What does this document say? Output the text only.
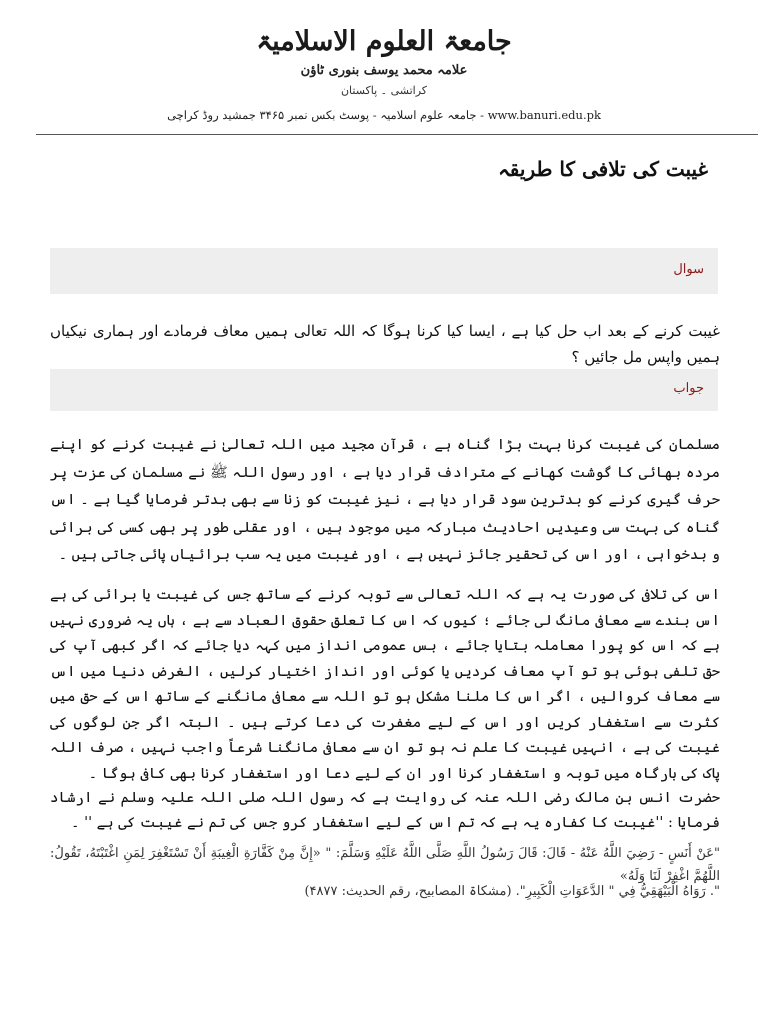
جامعۃ العلوم الاسلامیۃ
علامہ محمد یوسف بنوری ٹاؤن
کراتشی ۔ پاکستان
www.banuri.edu.pk - جامعہ علوم اسلامیہ - پوسٹ بکس نمبر ۳۴۶۵ جمشید روڈ کراچی
غیبت کی تلافی کا طریقہ
سوال
غیبت کرنے کے بعد اب حل کیا ہے ، ایسا کیا کرنا ہوگا کہ اللہ تعالی ہمیں معاف فرمادے اور ہماری نیکیاں ہمیں واپس مل جائیں ؟
جواب
مسلمان کی غیبت کرنا بہت بڑا گناہ ہے ، قرآن مجید میں اللہ تعالیٰ نے غیبت کرنے کو اپنے مردہ بھائی کا گوشت کھانے کے مترادف قرار دیا ہے ، اور رسول اللہ ﷺ نے مسلمان کی عزت پر حرف گیری کرنے کو بدترین سود قرار دیا ہے ، نیز غیبت کو زنا سے بھی بدتر فرمایا گیا ہے ۔ اس گناہ کی بہت سی وعیدیں احادیث مبارکہ میں موجود ہیں ، اور عقلی طور پر بھی کسی کی برائی و بدخواہی ، اور اس کی تحقیر جائز نہیں ہے ، اور غیبت میں یہ سب برائیاں پائی جاتی ہیں ۔
اس کی تلافی کی صورت یہ ہے کہ اللہ تعالی سے توبہ کرنے کے ساتھ جس کی غیبت یا برائی کی ہے اس بندے سے معافی مانگ لی جائے ؛ کیوں کہ اس کا تعلق حقوق العباد سے ہے ، ہاں یہ ضروری نہیں ہے کہ اس کو پورا معاملہ بتایا جائے ، بس عمومی انداز میں کہہ دیا جائے کہ اگر کبھی آپ کی حق تلفی ہوئی ہو تو آپ معاف کردیں یا کوئی اور انداز اختیار کرلیں ، الغرض دنیا میں اس سے معاف کروالیں ، اگر اس کا ملنا مشکل ہو تو اللہ سے معافی مانگنے کے ساتھ اس کے حق میں کثرت سے استغفار کریں اور اس کے لیے مغفرت کی دعا کرتے ہیں ۔ البتہ اگر جن لوگوں کی غیبت کی ہے ، انہیں غیبت کا علم نہ ہو تو ان سے معافی مانگنا شرعاً واجب نہیں ، صرف اللہ پاک کی بارگاہ میں توبہ و استغفار کرنا اور ان کے لیے دعا اور استغفار کرنا بھی کافی ہوگا ۔
حضرت انس بن مالک رضی اللہ عنہ کی روایت ہے کہ رسول اللہ صلی اللہ علیہ وسلم نے ارشاد فرمایا : ''غیبت کا کفارہ یہ ہے کہ تم اس کے لیے استغفار کرو جس کی تم نے غیبت کی ہے '' ۔
"عَنْ أَنَسٍ - رَضِيَ اللَّهُ عَنْهُ - قَالَ: قَالَ رَسُولُ اللَّهِ صَلَّى اللَّهُ عَلَيْهِ وَسَلَّمَ: " «إِنَّ مِنْ كَفَّارَةِ الْغِيبَةِ أَنْ تَسْتَغْفِرَ لِمَنِ اغْتَبْتَهُ، تَقُولُ: اللَّهُمَّ اغْفِرْ لَنَا وَلَهُ»
". رَوَاهُ الْبَيْهَقِيُّ فِي " الدَّعَوَاتِ الْكَبِيرِ". (مشکاۃ المصابیح، رقم الحدیث: ۴۸۷۷)
